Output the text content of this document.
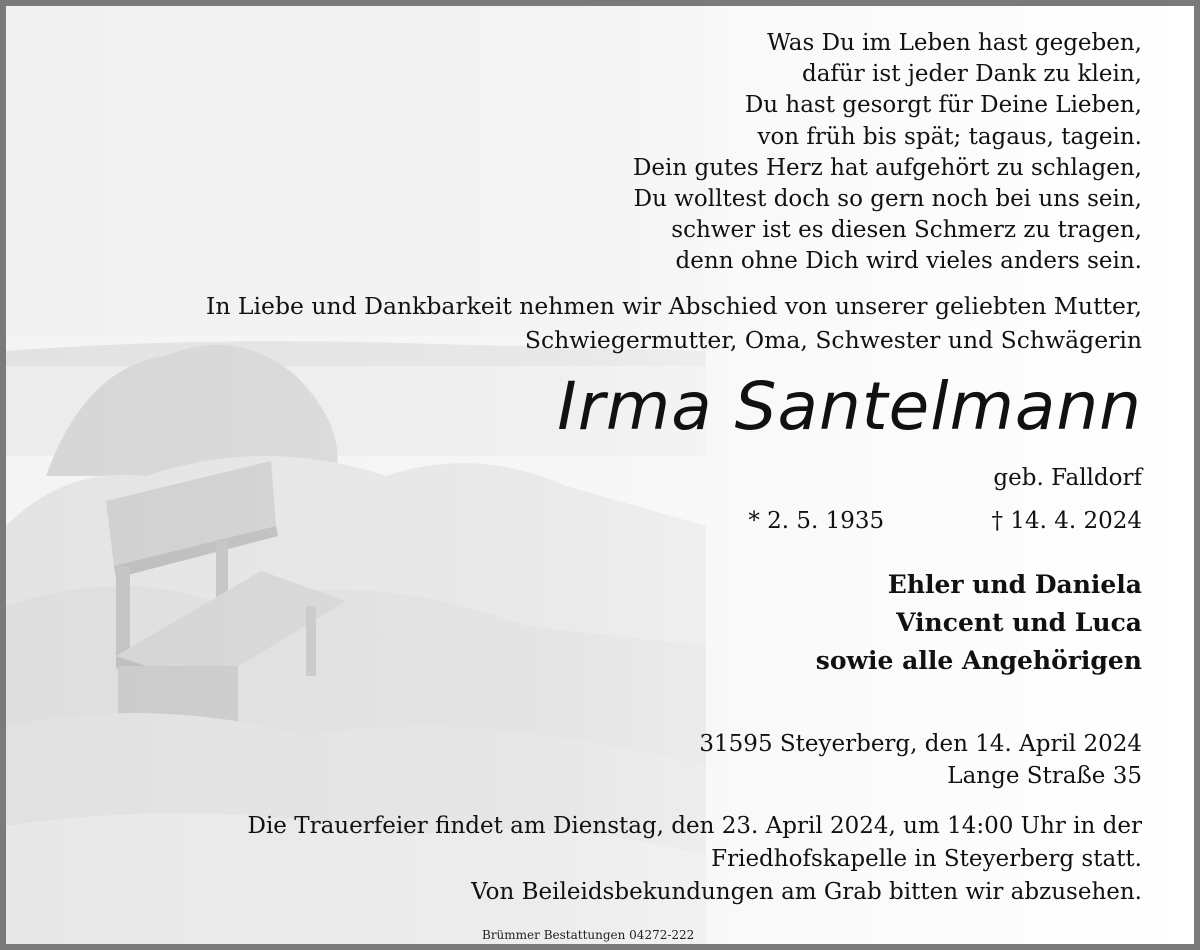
Was Du im Leben hast gegeben,
dafür ist jeder Dank zu klein,
Du hast gesorgt für Deine Lieben,
von früh bis spät; tagaus, tagein.
Dein gutes Herz hat aufgehört zu schlagen,
Du wolltest doch so gern noch bei uns sein,
schwer ist es diesen Schmerz zu tragen,
denn ohne Dich wird vieles anders sein.
In Liebe und Dankbarkeit nehmen wir Abschied von unserer geliebten Mutter,
Schwiegermutter, Oma, Schwester und Schwägerin
Irma Santelmann
geb. Falldorf
* 2. 5. 1935	† 14. 4. 2024
Ehler und Daniela
Vincent und Luca
sowie alle Angehörigen
31595 Steyerberg, den 14. April 2024
Lange Straße 35
Die Trauerfeier findet am Dienstag, den 23. April 2024, um 14:00 Uhr in der
Friedhofskapelle in Steyerberg statt.
Von Beileidsbekundungen am Grab bitten wir abzusehen.
Brümmer Bestattungen 04272-222
